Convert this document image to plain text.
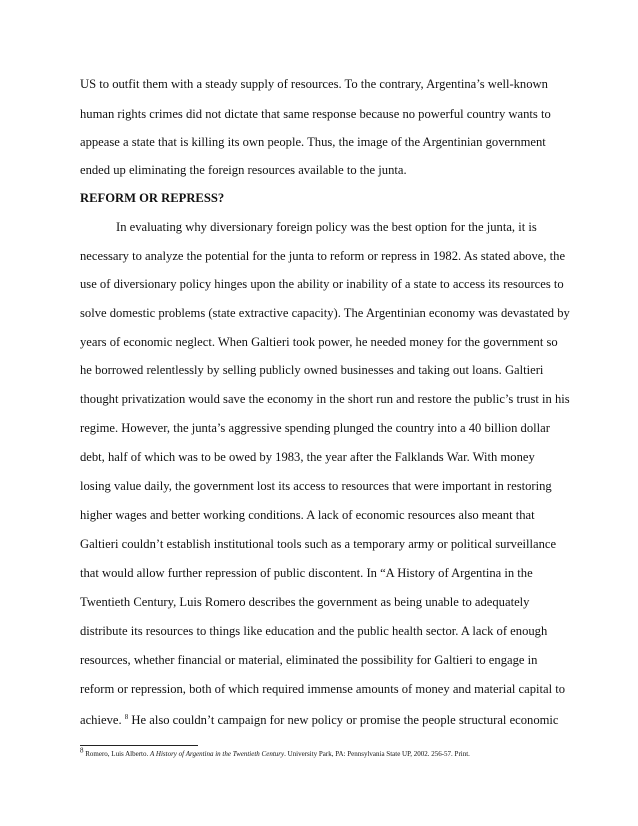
US to outfit them with a steady supply of resources. To the contrary, Argentina’s well-known
human rights crimes did not dictate that same response because no powerful country wants to
appease a state that is killing its own people. Thus, the image of the Argentinian government
ended up eliminating the foreign resources available to the junta.
REFORM OR REPRESS?
In evaluating why diversionary foreign policy was the best option for the junta, it is
necessary to analyze the potential for the junta to reform or repress in 1982. As stated above, the
use of diversionary policy hinges upon the ability or inability of a state to access its resources to
solve domestic problems (state extractive capacity). The Argentinian economy was devastated by
years of economic neglect. When Galtieri took power, he needed money for the government so
he borrowed relentlessly by selling publicly owned businesses and taking out loans. Galtieri
thought privatization would save the economy in the short run and restore the public’s trust in his
regime. However, the junta’s aggressive spending plunged the country into a 40 billion dollar
debt, half of which was to be owed by 1983, the year after the Falklands War. With money
losing value daily, the government lost its access to resources that were important in restoring
higher wages and better working conditions. A lack of economic resources also meant that
Galtieri couldn’t establish institutional tools such as a temporary army or political surveillance
that would allow further repression of public discontent. In “A History of Argentina in the
Twentieth Century, Luis Romero describes the government as being unable to adequately
distribute its resources to things like education and the public health sector. A lack of enough
resources, whether financial or material, eliminated the possibility for Galtieri to engage in
reform or repression, both of which required immense amounts of money and material capital to
achieve. $^8$ He also couldn’t campaign for new policy or promise the people structural economic
$^8$ Romero, Luis Alberto. A History of Argentina in the Twentieth Century. University Park, PA: Pennsylvania State UP, 2002. 256-57. Print.
